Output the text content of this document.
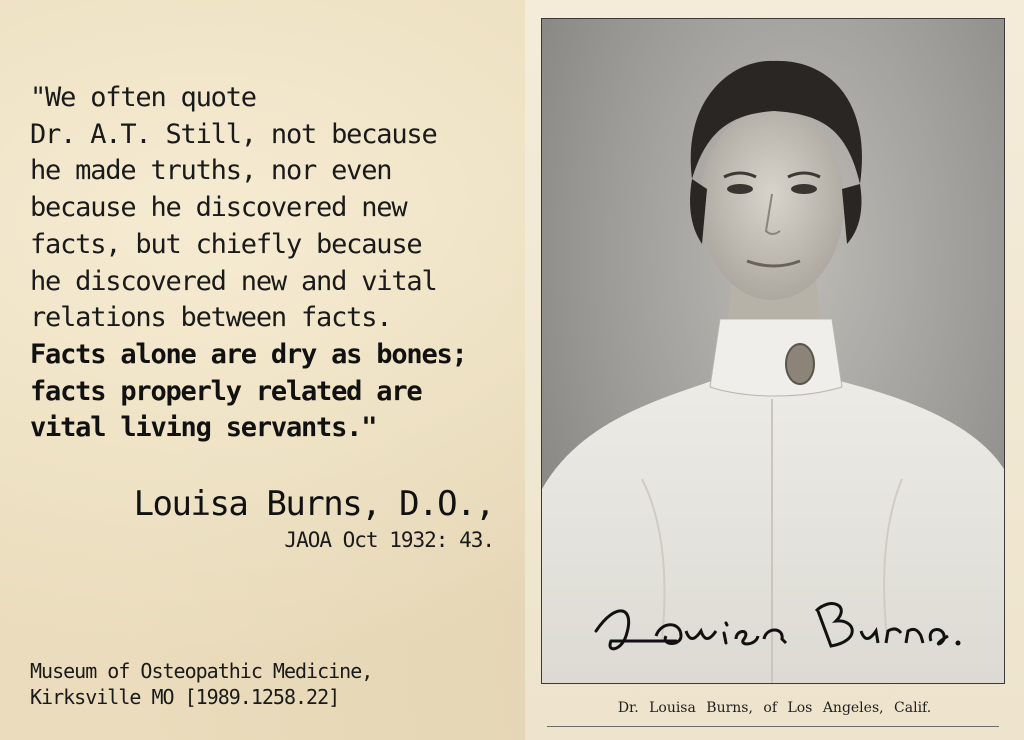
"We often quote
Dr. A.T. Still, not because
he made truths, nor even
because he discovered new
facts, but chiefly because
he discovered new and vital
relations between facts.
Facts alone are dry as bones;
facts properly related are
vital living servants."
Louisa Burns, D.O.,
JAOA Oct 1932: 43.
Museum of Osteopathic Medicine,
Kirksville MO [1989.1258.22]	Dr. Louisa Burns, of Los Angeles, Calif.
